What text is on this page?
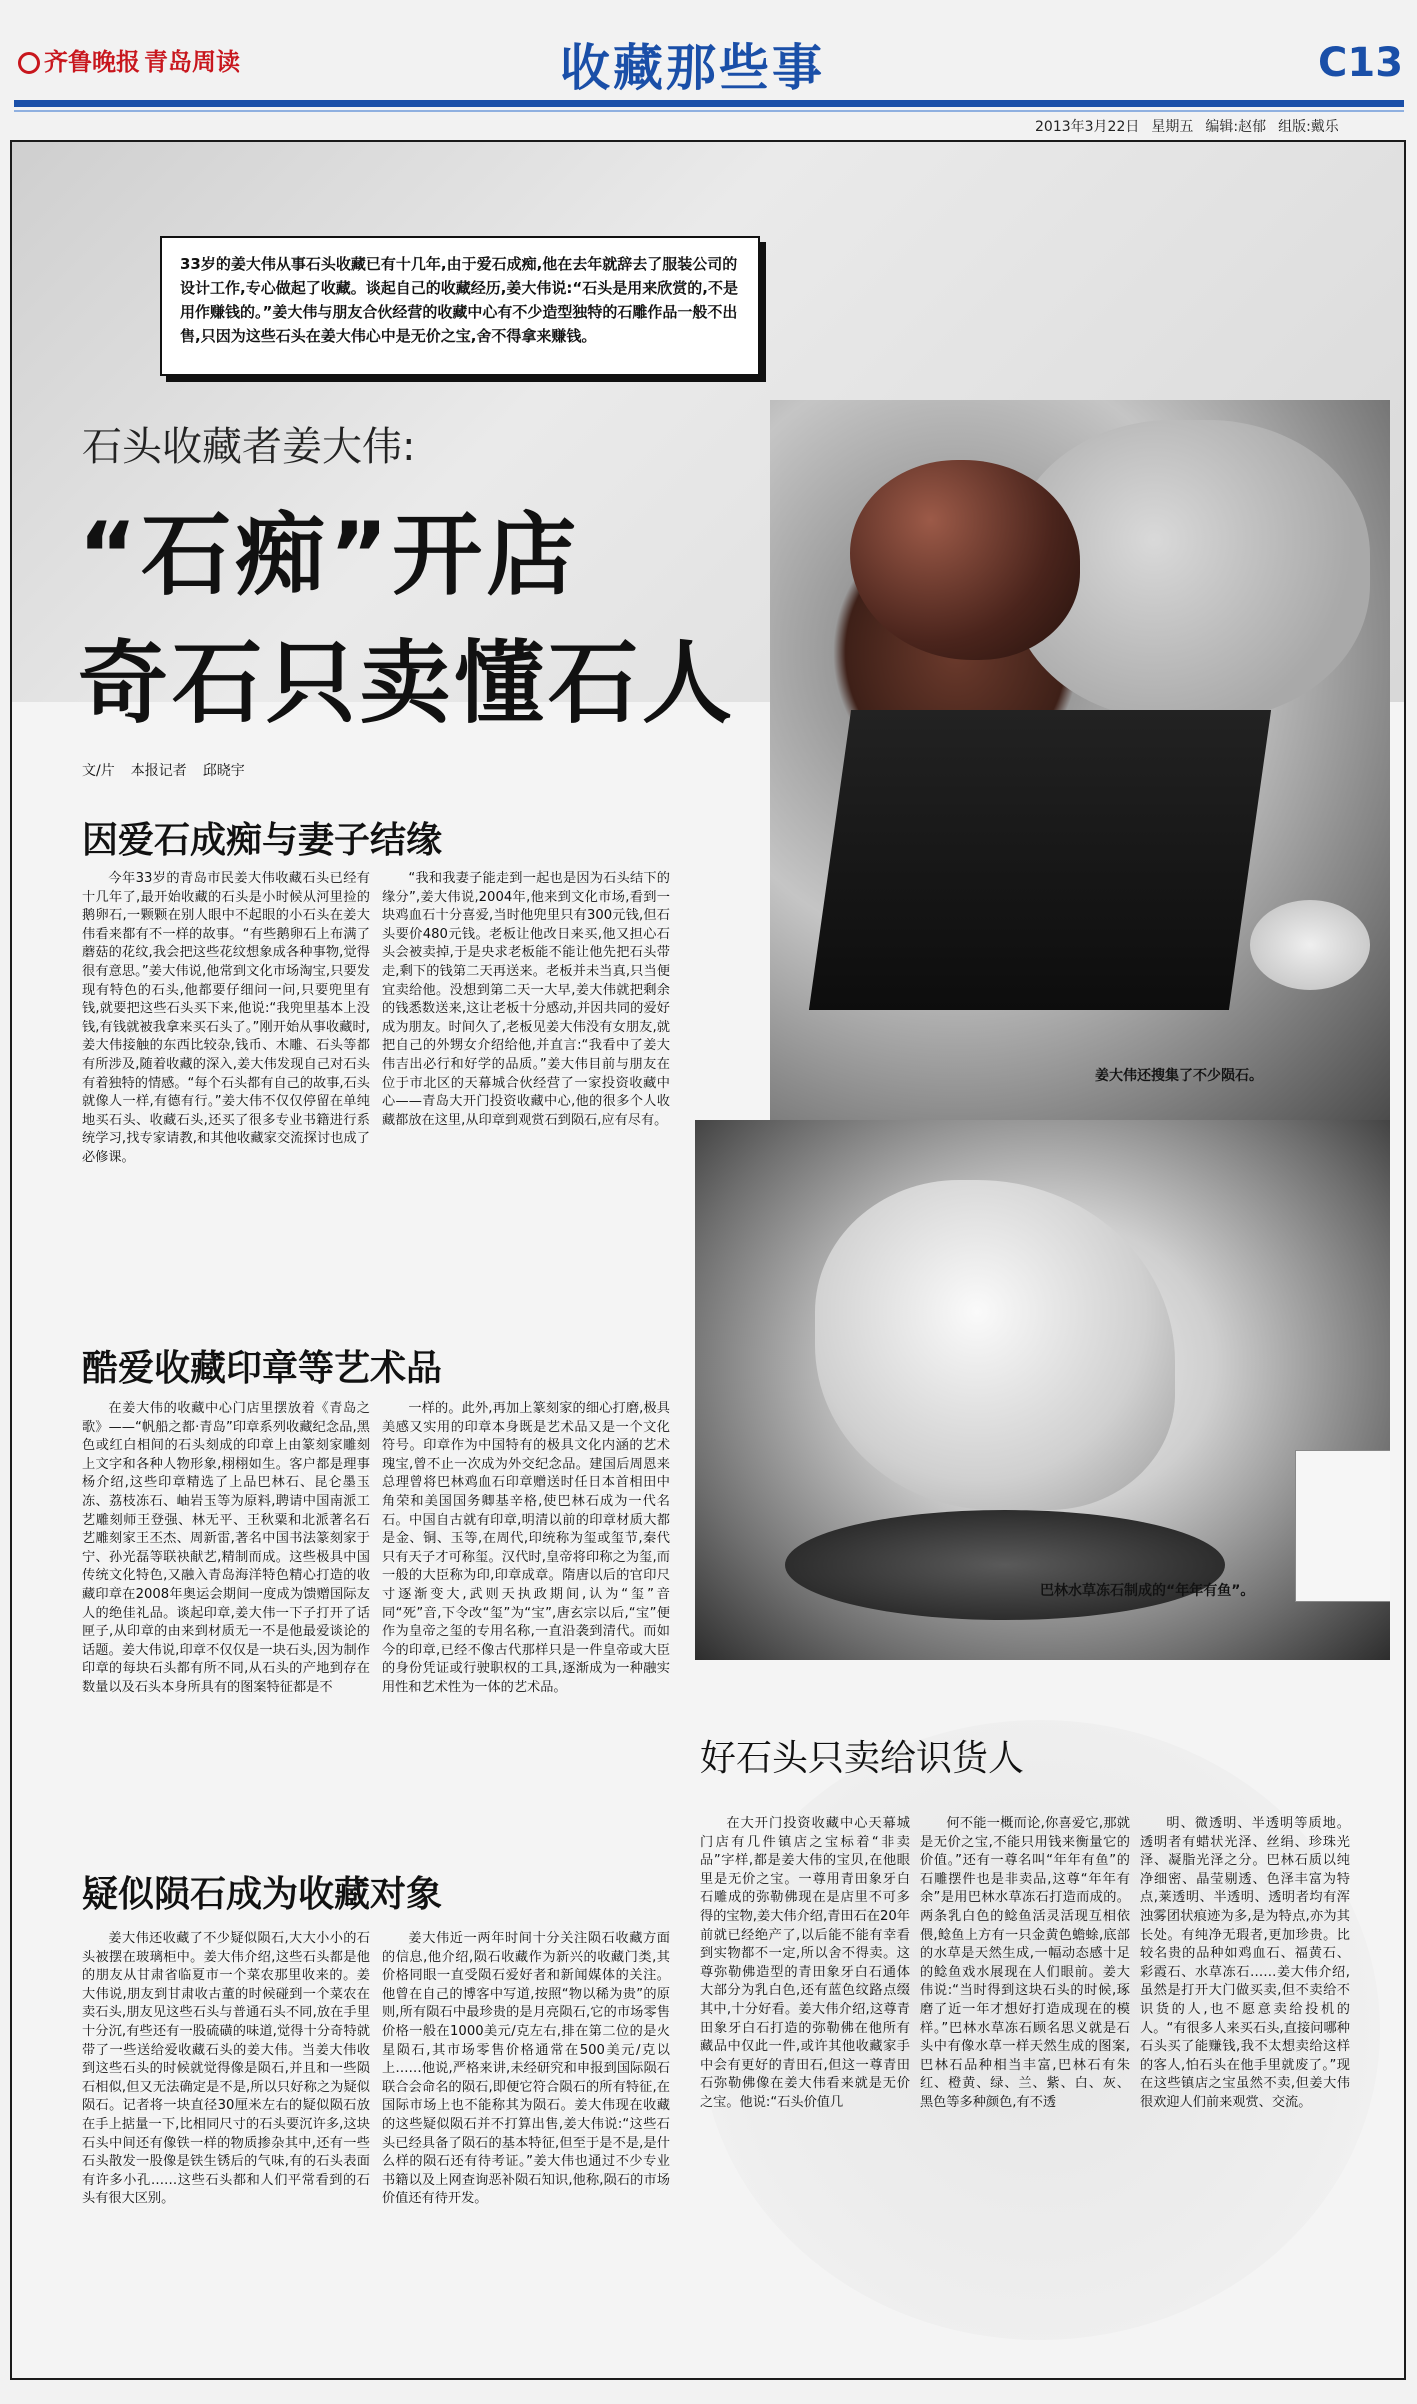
齐鲁晚报 青岛周读	收藏那些事	C13
2013年3月22日 星期五 编辑:赵郁 组版:戴乐
33岁的姜大伟从事石头收藏已有十几年,由于爱石成痴,他在去年就辞去了服装公司的设计工作,专心做起了收藏。谈起自己的收藏经历,姜大伟说:“石头是用来欣赏的,不是用作赚钱的。”姜大伟与朋友合伙经营的收藏中心有不少造型独特的石雕作品一般不出售,只因为这些石头在姜大伟心中是无价之宝,舍不得拿来赚钱。
石头收藏者姜大伟:
“石痴”开店
奇石只卖懂石人
文/片 本报记者 邱晓宇
姜大伟还搜集了不少陨石。
巴林水草冻石制成的“年年有鱼”。
因爱石成痴与妻子结缘

今年33岁的青岛市民姜大伟收藏石头已经有十几年了,最开始收藏的石头是小时候从河里捡的鹅卵石,一颗颗在别人眼中不起眼的小石头在姜大伟看来都有不一样的故事。“有些鹅卵石上布满了蘑菇的花纹,我会把这些花纹想象成各种事物,觉得很有意思。”姜大伟说,他常到文化市场淘宝,只要发现有特色的石头,他都要仔细问一问,只要兜里有钱,就要把这些石头买下来,他说:“我兜里基本上没钱,有钱就被我拿来买石头了。”刚开始从事收藏时,姜大伟接触的东西比较杂,钱币、木雕、石头等都有所涉及,随着收藏的深入,姜大伟发现自己对石头有着独特的情感。“每个石头都有自己的故事,石头就像人一样,有德有行。”姜大伟不仅仅停留在单纯地买石头、收藏石头,还买了很多专业书籍进行系统学习,找专家请教,和其他收藏家交流探讨也成了必修课。

“我和我妻子能走到一起也是因为石头结下的缘分”,姜大伟说,2004年,他来到文化市场,看到一块鸡血石十分喜爱,当时他兜里只有300元钱,但石头要价480元钱。老板让他改日来买,他又担心石头会被卖掉,于是央求老板能不能让他先把石头带走,剩下的钱第二天再送来。老板并未当真,只当便宜卖给他。没想到第二天一大早,姜大伟就把剩余的钱悉数送来,这让老板十分感动,并因共同的爱好成为朋友。时间久了,老板见姜大伟没有女朋友,就把自己的外甥女介绍给他,并直言:“我看中了姜大伟吉出必行和好学的品质。”姜大伟目前与朋友在位于市北区的天幕城合伙经营了一家投资收藏中心——青岛大开门投资收藏中心,他的很多个人收藏都放在这里,从印章到观赏石到陨石,应有尽有。

酷爱收藏印章等艺术品

在姜大伟的收藏中心门店里摆放着《青岛之歌》——“帆船之都·青岛”印章系列收藏纪念品,黑色或红白相间的石头刻成的印章上由篆刻家雕刻上文字和各种人物形象,栩栩如生。客户都是理事杨介绍,这些印章精选了上品巴林石、昆仑墨玉冻、荔枝冻石、岫岩玉等为原料,聘请中国南派工艺雕刻师王登强、林无平、王秋粟和北派著名石艺雕刻家王丕杰、周新雷,著名中国书法篆刻家于宁、孙光磊等联袂献艺,精制而成。这些极具中国传统文化特色,又融入青岛海洋特色精心打造的收藏印章在2008年奥运会期间一度成为馈赠国际友人的绝佳礼品。谈起印章,姜大伟一下子打开了话匣子,从印章的由来到材质无一不是他最爱谈论的话题。姜大伟说,印章不仅仅是一块石头,因为制作印章的每块石头都有所不同,从石头的产地到存在数量以及石头本身所具有的图案特征都是不

一样的。此外,再加上篆刻家的细心打磨,极具美感又实用的印章本身既是艺术品又是一个文化符号。印章作为中国特有的极具文化内涵的艺术瑰宝,曾不止一次成为外交纪念品。建国后周恩来总理曾将巴林鸡血石印章赠送时任日本首相田中角荣和美国国务卿基辛格,使巴林石成为一代名石。中国自古就有印章,明清以前的印章材质大都是金、铜、玉等,在周代,印统称为玺或玺节,秦代只有天子才可称玺。汉代时,皇帝将印称之为玺,而一般的大臣称为印,印章成章。隋唐以后的官印尺寸逐渐变大,武则天执政期间,认为“玺”音同“死”音,下令改“玺”为“宝”,唐玄宗以后,“宝”便作为皇帝之玺的专用名称,一直沿袭到清代。而如今的印章,已经不像古代那样只是一件皇帝或大臣的身份凭证或行驶职权的工具,逐渐成为一种融实用性和艺术性为一体的艺术品。

疑似陨石成为收藏对象

姜大伟还收藏了不少疑似陨石,大大小小的石头被摆在玻璃柜中。姜大伟介绍,这些石头都是他的朋友从甘肃省临夏市一个菜农那里收来的。姜大伟说,朋友到甘肃收古董的时候碰到一个菜农在卖石头,朋友见这些石头与普通石头不同,放在手里十分沉,有些还有一股硫磺的味道,觉得十分奇特就带了一些送给爱收藏石头的姜大伟。当姜大伟收到这些石头的时候就觉得像是陨石,并且和一些陨石相似,但又无法确定是不是,所以只好称之为疑似陨石。记者将一块直径30厘米左右的疑似陨石放在手上掂量一下,比相同尺寸的石头要沉许多,这块石头中间还有像铁一样的物质掺杂其中,还有一些石头散发一股像是铁生锈后的气味,有的石头表面有许多小孔……这些石头都和人们平常看到的石头有很大区别。

姜大伟近一两年时间十分关注陨石收藏方面的信息,他介绍,陨石收藏作为新兴的收藏门类,其价格同眼一直受陨石爱好者和新闻媒体的关注。他曾在自己的博客中写道,按照“物以稀为贵”的原则,所有陨石中最珍贵的是月亮陨石,它的市场零售价格一般在1000美元/克左右,排在第二位的是火星陨石,其市场零售价格通常在500美元/克以上……他说,严格来讲,未经研究和申报到国际陨石联合会命名的陨石,即便它符合陨石的所有特征,在国际市场上也不能称其为陨石。姜大伟现在收藏的这些疑似陨石并不打算出售,姜大伟说:“这些石头已经具备了陨石的基本特征,但至于是不是,是什么样的陨石还有待考证。”姜大伟也通过不少专业书籍以及上网查询恶补陨石知识,他称,陨石的市场价值还有待开发。

好石头只卖给识货人

在大开门投资收藏中心天幕城门店有几件镇店之宝标着“非卖品”字样,都是姜大伟的宝贝,在他眼里是无价之宝。一尊用青田象牙白石雕成的弥勒佛现在是店里不可多得的宝物,姜大伟介绍,青田石在20年前就已经绝产了,以后能不能有幸看到实物都不一定,所以舍不得卖。这尊弥勒佛造型的青田象牙白石通体大部分为乳白色,还有蓝色纹路点缀其中,十分好看。姜大伟介绍,这尊青田象牙白石打造的弥勒佛在他所有藏品中仅此一件,或许其他收藏家手中会有更好的青田石,但这一尊青田石弥勒佛像在姜大伟看来就是无价之宝。他说:“石头价值几

何不能一概而论,你喜爱它,那就是无价之宝,不能只用钱来衡量它的价值。”还有一尊名叫“年年有鱼”的石雕摆件也是非卖品,这尊“年年有余”是用巴林水草冻石打造而成的。两条乳白色的鲶鱼活灵活现互相依偎,鲶鱼上方有一只金黄色蟾蜍,底部的水草是天然生成,一幅动态感十足的鲶鱼戏水展现在人们眼前。姜大伟说:“当时得到这块石头的时候,琢磨了近一年才想好打造成现在的模样。”巴林水草冻石顾名思义就是石头中有像水草一样天然生成的图案,巴林石品种相当丰富,巴林石有朱红、橙黄、绿、兰、紫、白、灰、黑色等多种颜色,有不透

明、微透明、半透明等质地。透明者有蜡状光泽、丝绢、珍珠光泽、凝脂光泽之分。巴林石质以纯净细密、晶莹剔透、色泽丰富为特点,莱透明、半透明、透明者均有浑浊雾团状痕迹为多,是为特点,亦为其长处。有纯净无瑕者,更加珍贵。比较名贵的品种如鸡血石、福黄石、彩霞石、水草冻石……姜大伟介绍,虽然是打开大门做买卖,但不卖给不识货的人,也不愿意卖给投机的人。“有很多人来买石头,直接问哪种石头买了能赚钱,我不太想卖给这样的客人,怕石头在他手里就废了。”现在这些镇店之宝虽然不卖,但姜大伟很欢迎人们前来观赏、交流。
